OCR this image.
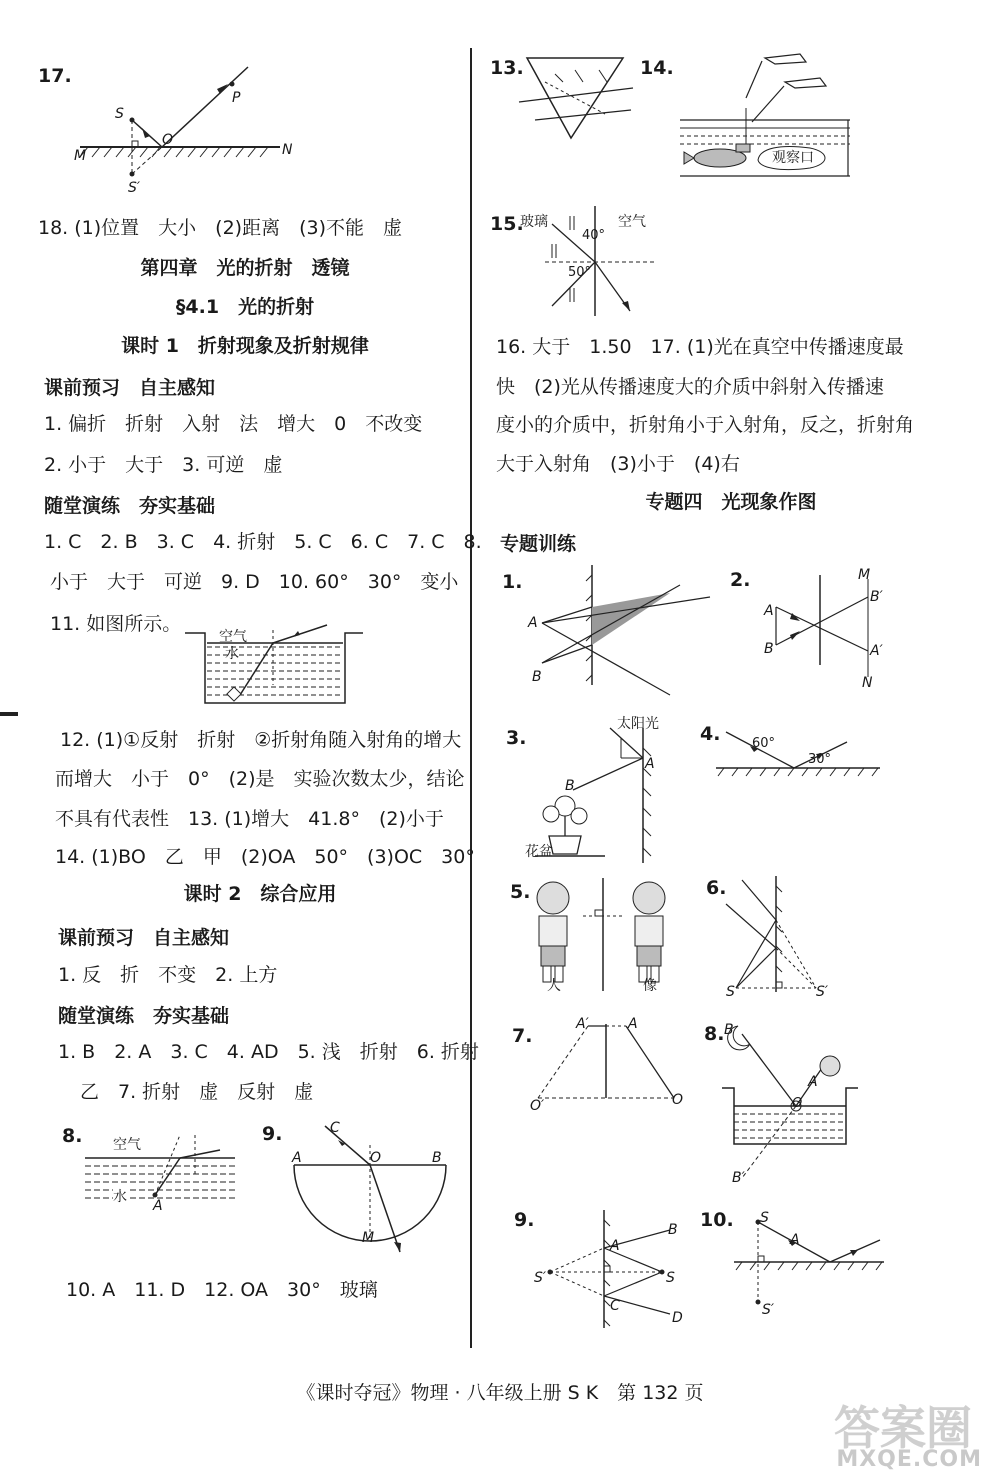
17.
S
P
O
M	N
S′
18. (1)位置　大小　(2)距离　(3)不能　虚
第四章　光的折射　透镜
§4.1　光的折射
课时 1　折射现象及折射规律
课前预习　自主感知
1. 偏折　折射　入射　法　增大　0　不改变
2. 小于　大于　3. 可逆　虚
随堂演练　夯实基础
1. C　2. B　3. C　4. 折射　5. C　6. C　7. C　8.
小于　大于　可逆　9. D　10. 60°　30°　变小
11. 如图所示。
空气
水
12. (1)①反射　折射　②折射角随入射角的增大
而增大　小于　0°　(2)是　实验次数太少，结论
不具有代表性　13. (1)增大　41.8°　(2)小于
14. (1)BO　乙　甲　(2)OA　50°　(3)OC　30°
课时 2　综合应用
课前预习　自主感知
1. 反　折　不变　2. 上方
随堂演练　夯实基础
1. B　2. A　3. C　4. AD　5. 浅　折射　6. 折射
乙　7. 折射　虚　反射　虚
8. 空气
水
A
9.
A	O	B
C
M
10. A　11. D　12. OA　30°　玻璃
13.	14.
观察口
15.
玻璃	空气
40°
50°
16. 大于　1.50　17. (1)光在真空中传播速度最
快　(2)光从传播速度大的介质中斜射入传播速
度小的介质中，折射角小于入射角，反之，折射角
大于入射角　(3)小于　(4)右
专题四　光现象作图
专题训练
1.
A
B
2.	M
A
B
B′
A′
N
3.
太阳光
A
B
花盆
4. 60°
30°
5.
人	像
6.
S	S′
7.
A′	A
O′	O
8. B
A
O
B′
9.	B
A
S′	S
C
D
10. S
A
S′
《课时夺冠》物理 · 八年级上册 S K　第 132 页
答案圈
MXQE.COM
